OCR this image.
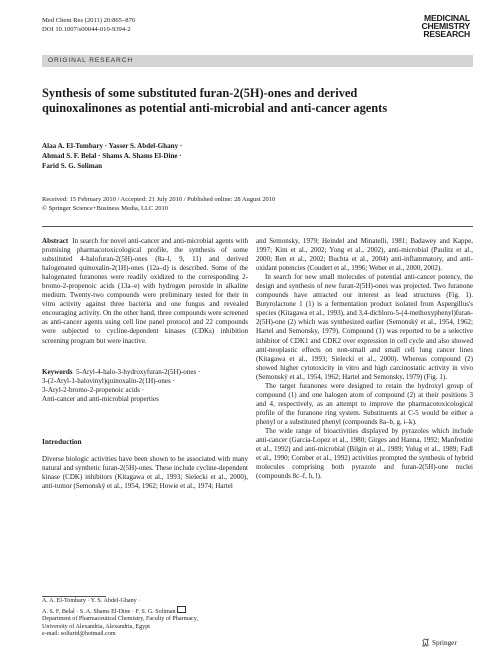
Med Chem Res (2011) 20:865–876
DOI 10.1007/s00044-010-9394-2
MEDICINAL
CHEMISTRY
RESEARCH
ORIGINAL RESEARCH
Synthesis of some substituted furan-2(5H)-ones and derived
quinoxalinones as potential anti-microbial and anti-cancer agents
Alaa A. El-Tombary · Yasser S. Abdel-Ghany ·
Ahmad S. F. Belal · Shams A. Shams El-Dine ·
Farid S. G. Soliman
Received: 15 February 2010 / Accepted: 21 July 2010 / Published online: 28 August 2010
© Springer Science+Business Media, LLC 2010

Abstract In search for novel anti-cancer and anti-microbial agents with promising pharmacotoxicological profile, the synthesis of some substituted 4-halofuran-2(5H)-ones (8a–l, 9, 11) and derived halogenated quinoxalin-2(1H)-ones (12a–d) is described. Some of the halogenated furanones were readily oxidized to the corresponding 2-bromo-2-propenoic acids (13a–e) with hydrogen peroxide in alkaline medium. Twenty-two compounds were preliminary tested for their in vitro activity against three bacteria and one fungus and revealed encouraging activity. On the other hand, three compounds were screened as anti-cancer agents using cell line panel protocol and 22 compounds were subjected to cycline-dependent kinases (CDKs) inhibition screening program but were inactive.

Keywords 5-Aryl-4-halo-3-hydroxyfuran-2(5H)-ones ·
3-(2-Aryl-1-halovinyl)quinoxalin-2(1H)-ones ·
3-Aryl-2-bromo-2-propenoic acids ·
Anti-cancer and anti-microbial properties
Introduction

Diverse biologic activities have been shown to be associated with many natural and synthetic furan-2(5H)-ones. These include cycline-dependent kinase (CDK) inhibitors (Kitagawa et al., 1993; Sielecki et al., 2000), anti-tumor (Semonský et al., 1954, 1962; Howie et al., 1974; Hartel

A. A. El-Tombary · Y. S. Abdel-Ghany ·
A. S. F. Belal · S. A. Shams El-Dine · F. S. G. Soliman
Department of Pharmaceutical Chemistry, Faculty of Pharmacy,
University of Alexandria, Alexandria, Egypt
e-mail: solfarid@hotmail.com

and Semonsky, 1979; Heindel and Minatelli, 1981; Badawey and Kappe, 1997; Kim et al., 2002; Yong et al., 2002), anti-microbial (Paulitz et al., 2000; Ren et al., 2002; Buchta et al., 2004) anti-inflammatory, and anti-oxidant potencies (Coudert et al., 1996; Weber et al., 2000, 2002).

In search for new small molecules of potential anti-cancer potency, the design and synthesis of new furan-2(5H)-ones was projected. Two furanone compounds have attracted our interest as lead structures (Fig. 1). Butyrolactone 1 (1) is a fermentation product isolated from Aspergillus's species (Kitagawa et al., 1993), and 3,4-dichloro-5-(4-methoxyphenyl)furan-2(5H)-one (2) which was synthesized earlier (Semonský et al., 1954, 1962; Hartel and Semonsky, 1979). Compound (1) was reported to be a selective inhibitor of CDK1 and CDK2 over expression in cell cycle and also showed anti-neoplastic effects on non-small and small cell lung cancer lines (Kitagawa et al., 1993; Sielecki et al., 2000). Whereas compound (2) showed higher cytotoxicity in vitro and high carcinostatic activity in vivo (Semonský et al., 1954, 1962; Hartel and Semonsky, 1979) (Fig. 1).

The target furanones were designed to retain the hydroxyl group of compound (1) and one halogen atom of compound (2) at their positions 3 and 4, respectively, as an attempt to improve the pharmacotoxicological profile of the furanone ring system. Substituents at C-5 would be either a phenyl or a substituted phenyl (compounds 8a–b, g, i–k).

The wide range of bioactivities displayed by pyrazoles which include anti-cancer (Garcia-Lopez et al., 1980; Girges and Hanna, 1992; Manfredini et al., 1992) and anti-microbial (Bilgin et al., 1989; Yulug et al., 1989; Fadl et al., 1990; Comber et al., 1992) activities prompted the synthesis of hybrid molecules comprising both pyrazole and furan-2(5H)-one nuclei (compounds 8c–f, h, l).

Springer
